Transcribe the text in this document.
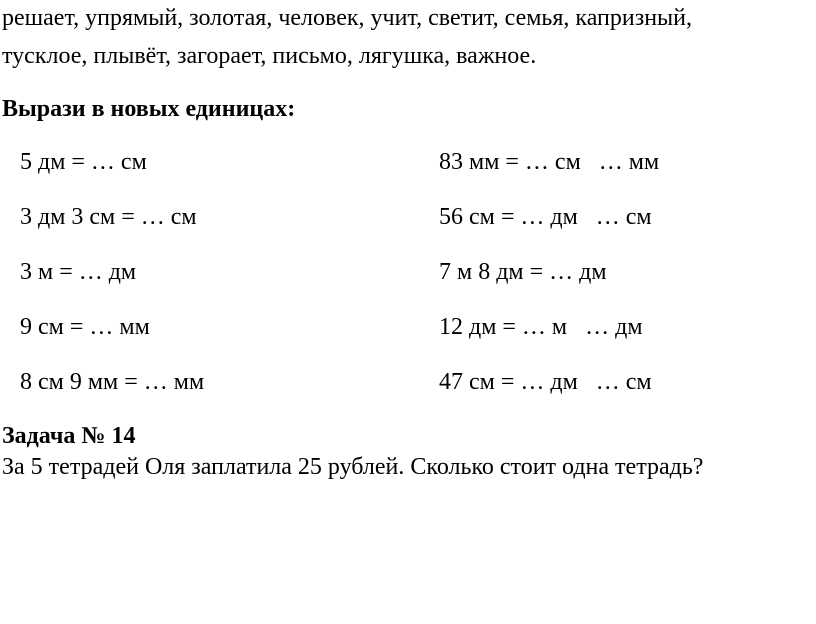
решает, упрямый, золотая, человек, учит, светит, семья, капризный,
тусклое, плывёт, загорает, письмо, лягушка, важное.
Вырази в новых единицах:
5 дм = … см	83 мм = … см   … мм
3 дм 3 см = … см	56 см = … дм   … см
3 м = … дм	7 м 8 дм = … дм
9 см = … мм	12 дм = … м   … дм
8 см 9 мм = … мм	47 см = … дм   … см
Задача № 14
За 5 тетрадей Оля заплатила 25 рублей. Сколько стоит одна тетрадь?
